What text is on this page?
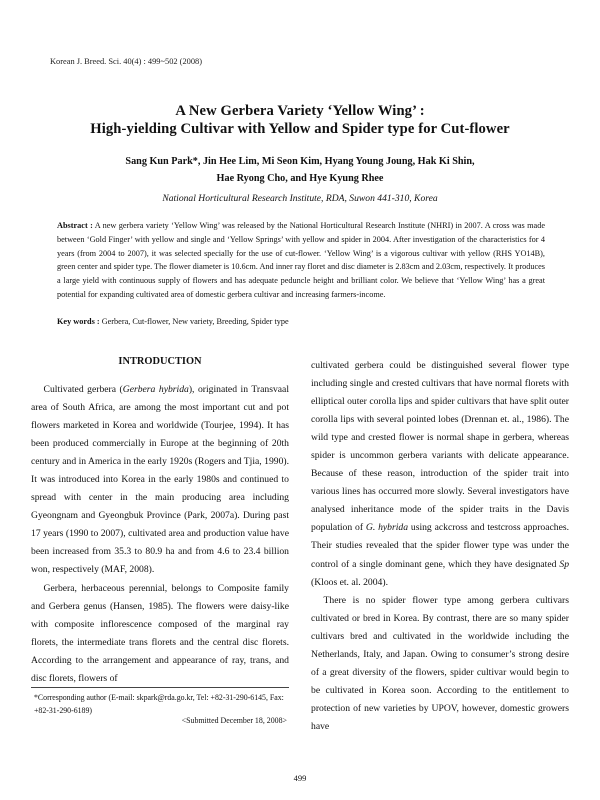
Korean J. Breed. Sci. 40(4) : 499~502 (2008)
A New Gerbera Variety ‘Yellow Wing’ :
High-yielding Cultivar with Yellow and Spider type for Cut-flower
Sang Kun Park*, Jin Hee Lim, Mi Seon Kim, Hyang Young Joung, Hak Ki Shin,
Hae Ryong Cho, and Hye Kyung Rhee
National Horticultural Research Institute, RDA, Suwon 441-310, Korea
Abstract : A new gerbera variety ‘Yellow Wing’ was released by the National Horticultural Research Institute (NHRI) in 2007. A cross was made between ‘Gold Finger’ with yellow and single and ‘Yellow Springs’ with yellow and spider in 2004. After investigation of the characteristics for 4 years (from 2004 to 2007), it was selected specially for the use of cut-flower. ‘Yellow Wing’ is a vigorous cultivar with yellow (RHS YO14B), green center and spider type. The flower diameter is 10.6cm. And inner ray floret and disc diameter is 2.83cm and 2.03cm, respectively. It produces a large yield with continuous supply of flowers and has adequate peduncle height and brilliant color. We believe that ‘Yellow Wing’ has a great potential for expanding cultivated area of domestic gerbera cultivar and increasing farmers-income.
Key words : Gerbera, Cut-flower, New variety, Breeding, Spider type
INTRODUCTION

Cultivated gerbera (Gerbera hybrida), originated in Transvaal area of South Africa, are among the most important cut and pot flowers marketed in Korea and worldwide (Tourjee, 1994). It has been produced commercially in Europe at the beginning of 20th century and in America in the early 1920s (Rogers and Tjia, 1990). It was introduced into Korea in the early 1980s and continued to spread with center in the main producing area including Gyeongnam and Gyeongbuk Province (Park, 2007a). During past 17 years (1990 to 2007), cultivated area and production value have been increased from 35.3 to 80.9 ha and from 4.6 to 23.4 billion won, respectively (MAF, 2008).

Gerbera, herbaceous perennial, belongs to Composite family and Gerbera genus (Hansen, 1985). The flowers were daisy-like with composite inflorescence composed of the marginal ray florets, the intermediate trans florets and the central disc florets. According to the arrangement and appearance of ray, trans, and disc florets, flowers of

cultivated gerbera could be distinguished several flower type including single and crested cultivars that have normal florets with elliptical outer corolla lips and spider cultivars that have split outer corolla lips with several pointed lobes (Drennan et. al., 1986). The wild type and crested flower is normal shape in gerbera, whereas spider is uncommon gerbera variants with delicate appearance. Because of these reason, introduction of the spider trait into various lines has occurred more slowly. Several investigators have analysed inheritance mode of the spider traits in the Davis population of G. hybrida using ackcross and testcross approaches. Their studies revealed that the spider flower type was under the control of a single dominant gene, which they have designated Sp (Kloos et. al. 2004).

There is no spider flower type among gerbera cultivars cultivated or bred in Korea. By contrast, there are so many spider cultivars bred and cultivated in the worldwide including the Netherlands, Italy, and Japan. Owing to consumer’s strong desire of a great diversity of the flowers, spider cultivar would begin to be cultivated in Korea soon. According to the entitlement to protection of new varieties by UPOV, however, domestic growers have

*Corresponding author (E-mail: skpark@rda.go.kr, Tel: +82-31-290-6145, Fax: +82-31-290-6189)
<Submitted December 18, 2008>
499
